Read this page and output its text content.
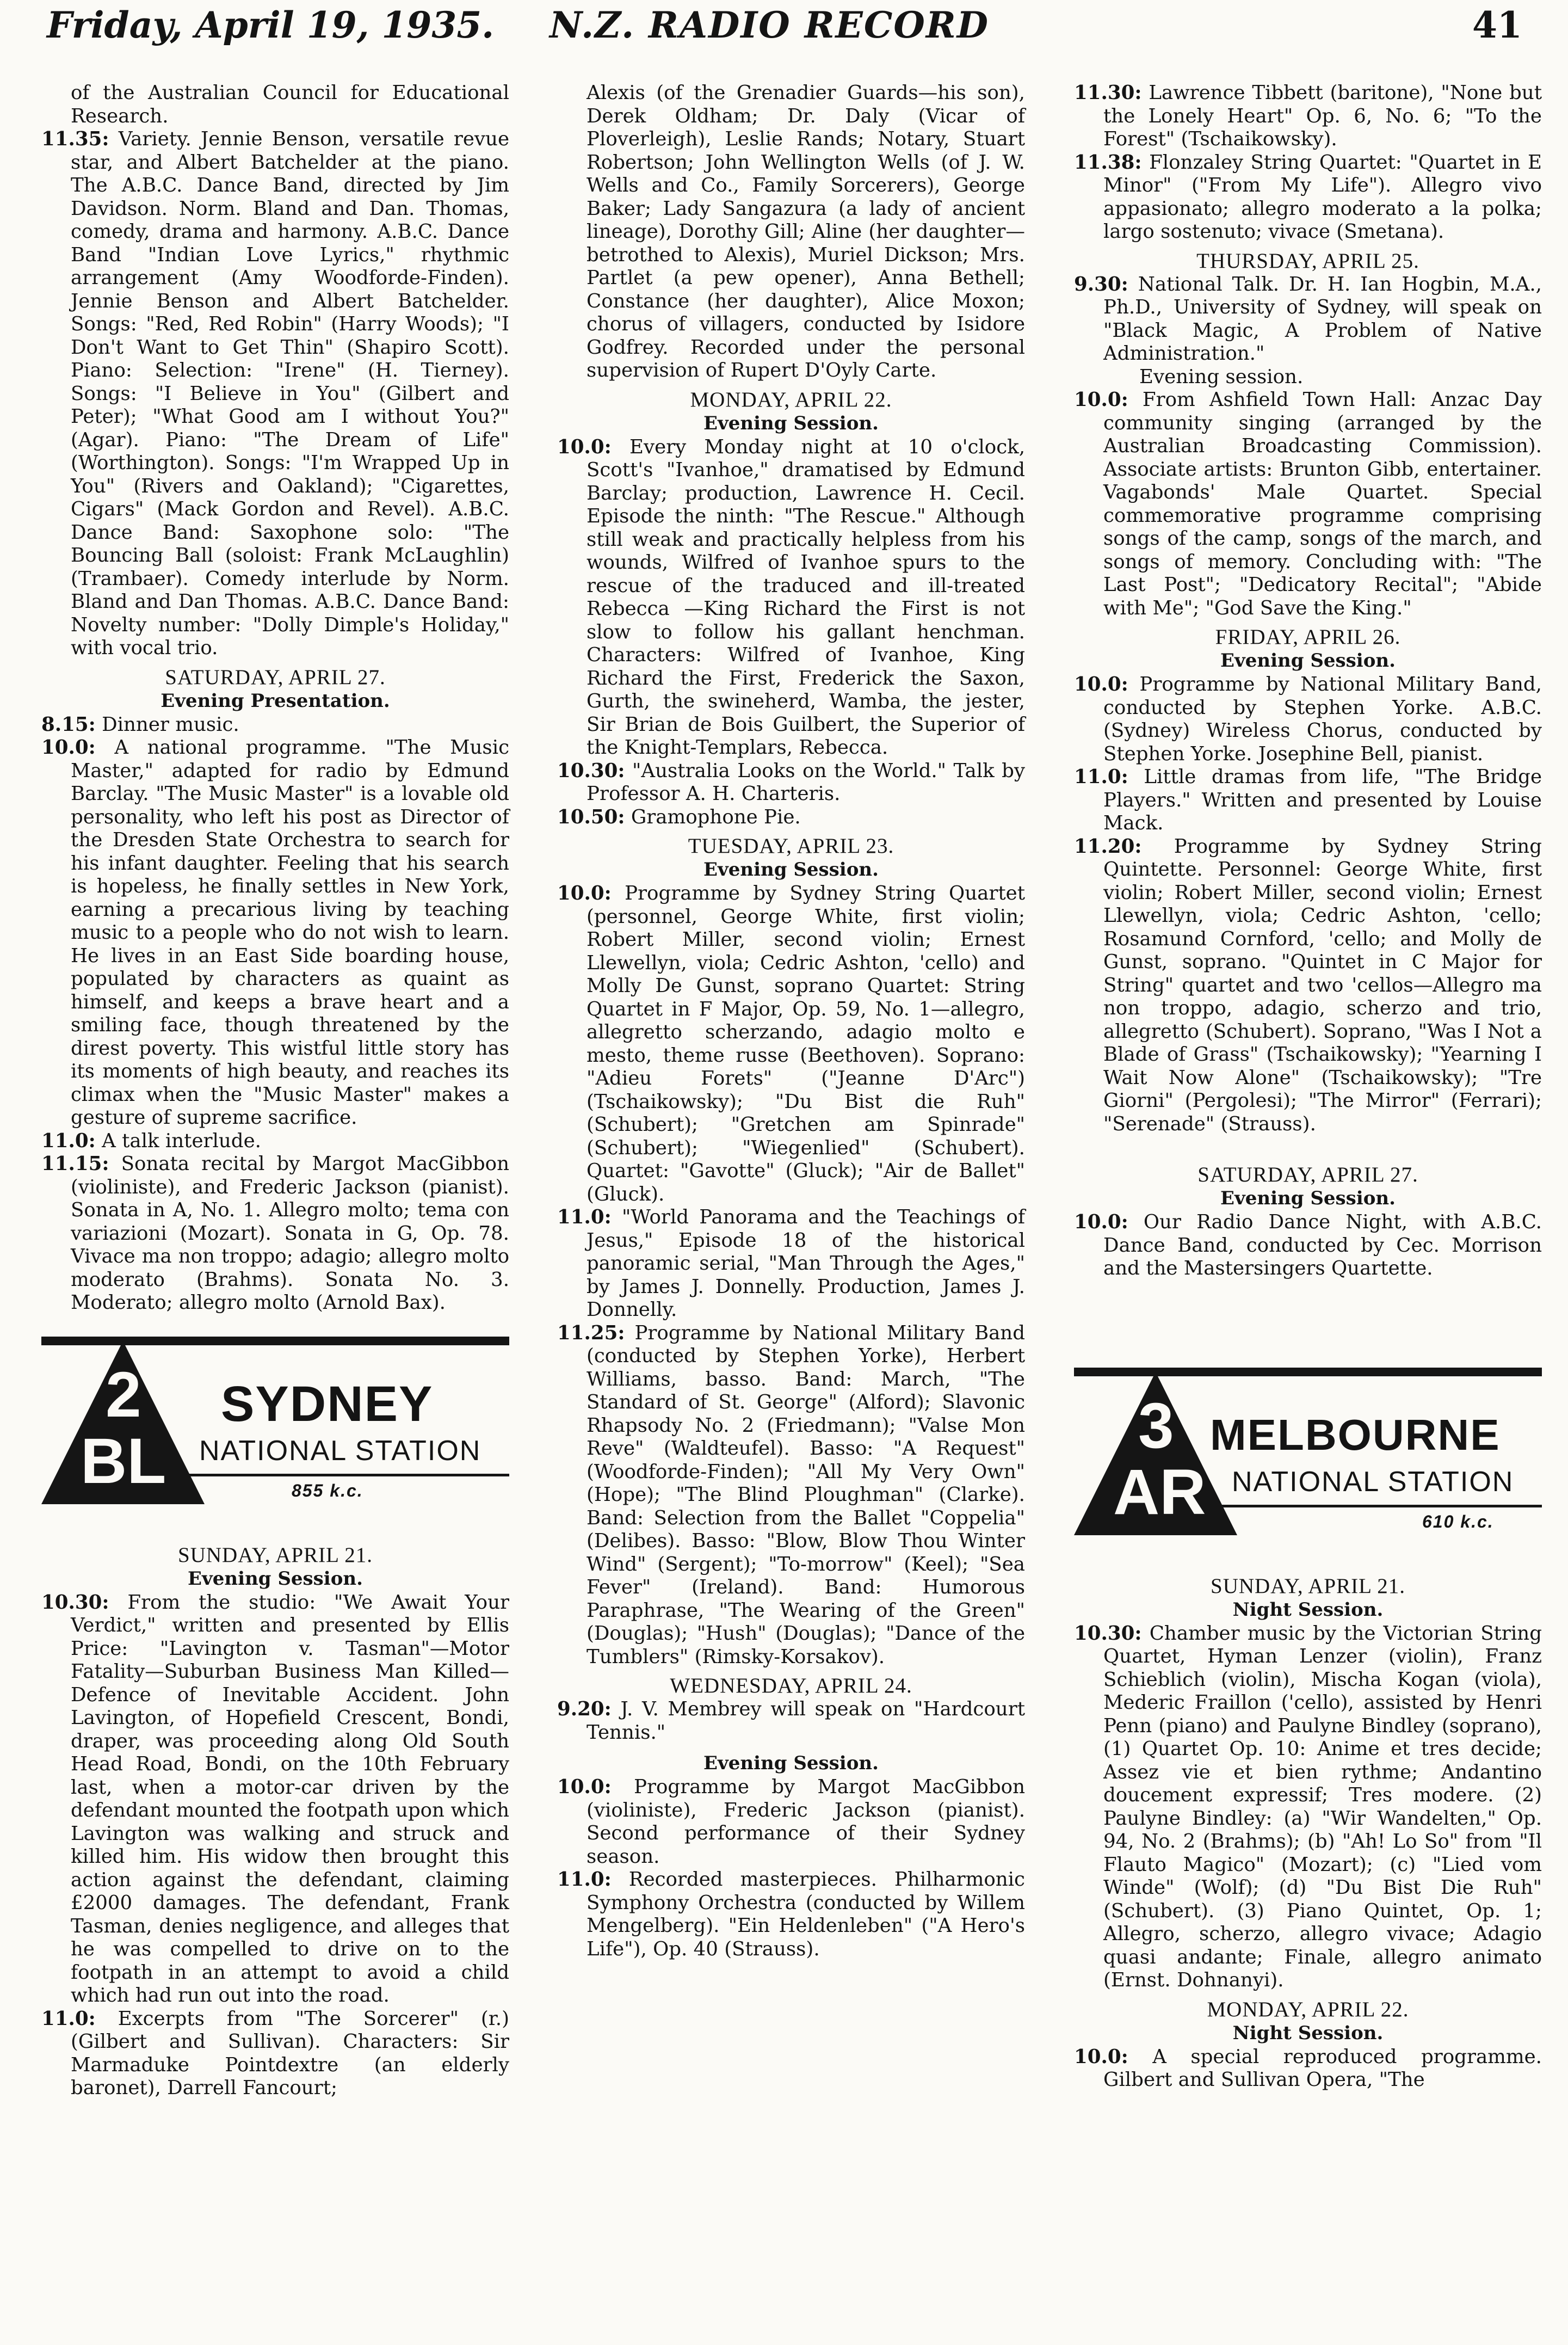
Friday, April 19, 1935. N.Z. RADIO RECORD	41

of the Australian Council for Educational Research.

11.35: Variety. Jennie Benson, versatile revue star, and Albert Batchelder at the piano. The A.B.C. Dance Band, directed by Jim Davidson. Norm. Bland and Dan. Thomas, comedy, drama and harmony. A.B.C. Dance Band "Indian Love Lyrics," rhythmic arrangement (Amy Woodforde-Finden). Jennie Benson and Albert Batchelder. Songs: "Red, Red Robin" (Harry Woods); "I Don't Want to Get Thin" (Shapiro Scott). Piano: Selection: "Irene" (H. Tierney). Songs: "I Believe in You" (Gilbert and Peter); "What Good am I without You?" (Agar). Piano: "The Dream of Life" (Worthington). Songs: "I'm Wrapped Up in You" (Rivers and Oakland); "Cigarettes, Cigars" (Mack Gordon and Revel). A.B.C. Dance Band: Saxophone solo: "The Bouncing Ball (soloist: Frank McLaughlin) (Trambaer). Comedy interlude by Norm. Bland and Dan Thomas. A.B.C. Dance Band: Novelty number: "Dolly Dimple's Holiday," with vocal trio.

SATURDAY, APRIL 27.
Evening Presentation.

8.15: Dinner music.

10.0: A national programme. "The Music Master," adapted for radio by Edmund Barclay. "The Music Master" is a lovable old personality, who left his post as Director of the Dresden State Orchestra to search for his infant daughter. Feeling that his search is hopeless, he finally settles in New York, earning a precarious living by teaching music to a people who do not wish to learn. He lives in an East Side boarding house, populated by characters as quaint as himself, and keeps a brave heart and a smiling face, though threatened by the direst poverty. This wistful little story has its moments of high beauty, and reaches its climax when the "Music Master" makes a gesture of supreme sacrifice.

11.0: A talk interlude.

11.15: Sonata recital by Margot MacGibbon (violiniste), and Frederic Jackson (pianist). Sonata in A, No. 1. Allegro molto; tema con variazioni (Mozart). Sonata in G, Op. 78. Vivace ma non troppo; adagio; allegro molto moderato (Brahms). Sonata No. 3. Moderato; allegro molto (Arnold Bax).

2
BL
SYDNEY
NATIONAL STATION
855 k.c.
SUNDAY, APRIL 21.
Evening Session.

10.30: From the studio: "We Await Your Verdict," written and presented by Ellis Price: "Lavington v. Tasman"—Motor Fatality—Suburban Business Man Killed—Defence of Inevitable Accident. John Lavington, of Hopefield Crescent, Bondi, draper, was proceeding along Old South Head Road, Bondi, on the 10th February last, when a motor-car driven by the defendant mounted the footpath upon which Lavington was walking and struck and killed him. His widow then brought this action against the defendant, claiming £2000 damages. The defendant, Frank Tasman, denies negligence, and alleges that he was compelled to drive on to the footpath in an attempt to avoid a child which had run out into the road.

11.0: Excerpts from "The Sorcerer" (r.) (Gilbert and Sullivan). Characters: Sir Marmaduke Pointdextre (an elderly baronet), Darrell Fancourt;

Alexis (of the Grenadier Guards—his son), Derek Oldham; Dr. Daly (Vicar of Ploverleigh), Leslie Rands; Notary, Stuart Robertson; John Wellington Wells (of J. W. Wells and Co., Family Sorcerers), George Baker; Lady Sangazura (a lady of ancient lineage), Dorothy Gill; Aline (her daughter—betrothed to Alexis), Muriel Dickson; Mrs. Partlet (a pew opener), Anna Bethell; Constance (her daughter), Alice Moxon; chorus of villagers, conducted by Isidore Godfrey. Recorded under the personal supervision of Rupert D'Oyly Carte.

MONDAY, APRIL 22.
Evening Session.

10.0: Every Monday night at 10 o'clock, Scott's "Ivanhoe," dramatised by Edmund Barclay; production, Lawrence H. Cecil. Episode the ninth: "The Rescue." Although still weak and practically helpless from his wounds, Wilfred of Ivanhoe spurs to the rescue of the traduced and ill-treated Rebecca —King Richard the First is not slow to follow his gallant henchman. Characters: Wilfred of Ivanhoe, King Richard the First, Frederick the Saxon, Gurth, the swineherd, Wamba, the jester, Sir Brian de Bois Guilbert, the Superior of the Knight-Templars, Rebecca.

10.30: "Australia Looks on the World." Talk by Professor A. H. Charteris.

10.50: Gramophone Pie.

TUESDAY, APRIL 23.
Evening Session.

10.0: Programme by Sydney String Quartet (personnel, George White, first violin; Robert Miller, second violin; Ernest Llewellyn, viola; Cedric Ashton, 'cello) and Molly De Gunst, soprano Quartet: String Quartet in F Major, Op. 59, No. 1—allegro, allegretto scherzando, adagio molto e mesto, theme russe (Beethoven). Soprano: "Adieu Forets" ("Jeanne D'Arc") (Tschaikowsky); "Du Bist die Ruh" (Schubert); "Gretchen am Spinrade" (Schubert); "Wiegenlied" (Schubert). Quartet: "Gavotte" (Gluck); "Air de Ballet" (Gluck).

11.0: "World Panorama and the Teachings of Jesus," Episode 18 of the historical panoramic serial, "Man Through the Ages," by James J. Donnelly. Production, James J. Donnelly.

11.25: Programme by National Military Band (conducted by Stephen Yorke), Herbert Williams, basso. Band: March, "The Standard of St. George" (Alford); Slavonic Rhapsody No. 2 (Friedmann); "Valse Mon Reve" (Waldteufel). Basso: "A Request" (Woodforde-Finden); "All My Very Own" (Hope); "The Blind Ploughman" (Clarke). Band: Selection from the Ballet "Coppelia" (Delibes). Basso: "Blow, Blow Thou Winter Wind" (Sergent); "To-morrow" (Keel); "Sea Fever" (Ireland). Band: Humorous Paraphrase, "The Wearing of the Green" (Douglas); "Hush" (Douglas); "Dance of the Tumblers" (Rimsky-Korsakov).

WEDNESDAY, APRIL 24.

9.20: J. V. Membrey will speak on "Hardcourt Tennis."

Evening Session.

10.0: Programme by Margot MacGibbon (violiniste), Frederic Jackson (pianist). Second performance of their Sydney season.

11.0: Recorded masterpieces. Philharmonic Symphony Orchestra (conducted by Willem Mengelberg). "Ein Heldenleben" ("A Hero's Life"), Op. 40 (Strauss).

11.30: Lawrence Tibbett (baritone), "None but the Lonely Heart" Op. 6, No. 6; "To the Forest" (Tschaikowsky).

11.38: Flonzaley String Quartet: "Quartet in E Minor" ("From My Life"). Allegro vivo appasionato; allegro moderato a la polka; largo sostenuto; vivace (Smetana).

THURSDAY, APRIL 25.

9.30: National Talk. Dr. H. Ian Hogbin, M.A., Ph.D., University of Sydney, will speak on "Black Magic, A Problem of Native Administration."

Evening session.

10.0: From Ashfield Town Hall: Anzac Day community singing (arranged by the Australian Broadcasting Commission). Associate artists: Brunton Gibb, entertainer. Vagabonds' Male Quartet. Special commemorative programme comprising songs of the camp, songs of the march, and songs of memory. Concluding with: "The Last Post"; "Dedicatory Recital"; "Abide with Me"; "God Save the King."

FRIDAY, APRIL 26.
Evening Session.

10.0: Programme by National Military Band, conducted by Stephen Yorke. A.B.C. (Sydney) Wireless Chorus, conducted by Stephen Yorke. Josephine Bell, pianist.

11.0: Little dramas from life, "The Bridge Players." Written and presented by Louise Mack.

11.20: Programme by Sydney String Quintette. Personnel: George White, first violin; Robert Miller, second violin; Ernest Llewellyn, viola; Cedric Ashton, 'cello; Rosamund Cornford, 'cello; and Molly de Gunst, soprano. "Quintet in C Major for String" quartet and two 'cellos—Allegro ma non troppo, adagio, scherzo and trio, allegretto (Schubert). Soprano, "Was I Not a Blade of Grass" (Tschaikowsky); "Yearning I Wait Now Alone" (Tschaikowsky); "Tre Giorni" (Pergolesi); "The Mirror" (Ferrari); "Serenade" (Strauss).

SATURDAY, APRIL 27.
Evening Session.

10.0: Our Radio Dance Night, with A.B.C. Dance Band, conducted by Cec. Morrison and the Mastersingers Quartette.

3
AR
MELBOURNE
NATIONAL STATION
610 k.c.
SUNDAY, APRIL 21.
Night Session.

10.30: Chamber music by the Victorian String Quartet, Hyman Lenzer (violin), Franz Schieblich (violin), Mischa Kogan (viola), Mederic Fraillon ('cello), assisted by Henri Penn (piano) and Paulyne Bindley (soprano), (1) Quartet Op. 10: Anime et tres decide; Assez vie et bien rythme; Andantino doucement expressif; Tres modere. (2) Paulyne Bindley: (a) "Wir Wandelten," Op. 94, No. 2 (Brahms); (b) "Ah! Lo So" from "Il Flauto Magico" (Mozart); (c) "Lied vom Winde" (Wolf); (d) "Du Bist Die Ruh" (Schubert). (3) Piano Quintet, Op. 1; Allegro, scherzo, allegro vivace; Adagio quasi andante; Finale, allegro animato (Ernst. Dohnanyi).

MONDAY, APRIL 22.
Night Session.

10.0: A special reproduced programme. Gilbert and Sullivan Opera, "The
